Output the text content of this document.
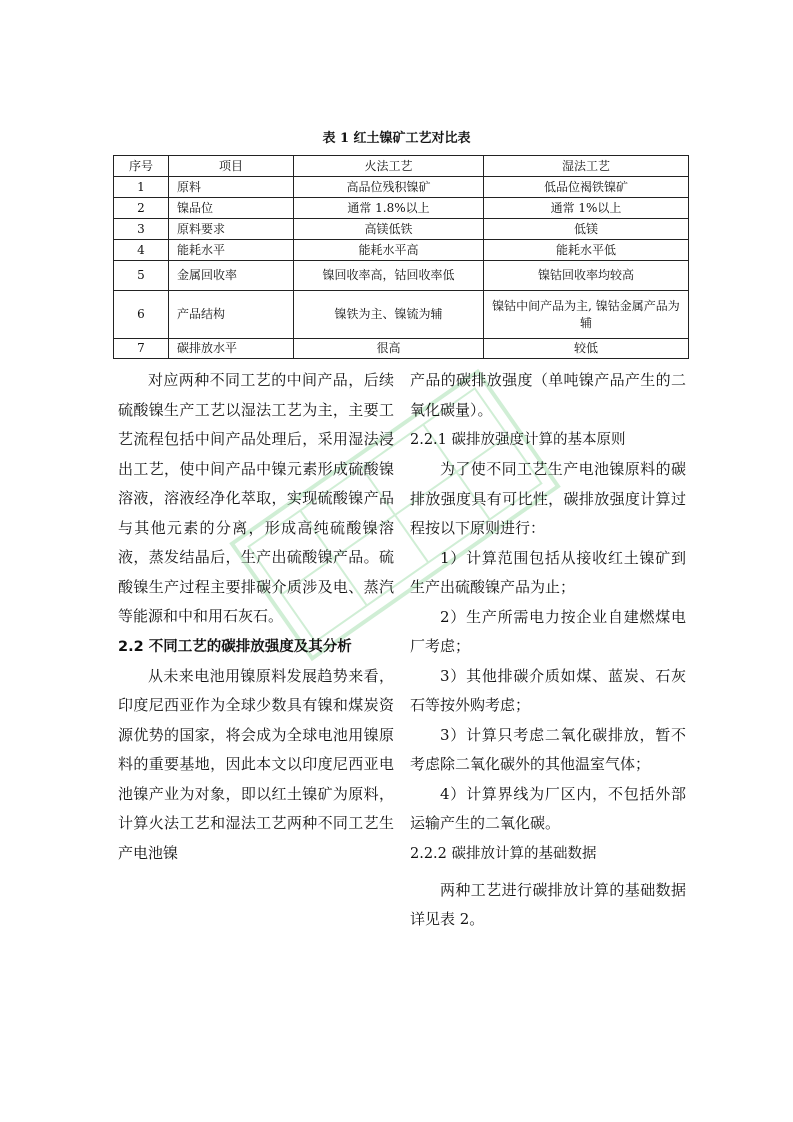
表 1 红土镍矿工艺对比表
序号	项目	火法工艺	湿法工艺
1	原料	高品位残积镍矿	低品位褐铁镍矿
2	镍品位	通常 1.8%以上	通常 1%以上
3	原料要求	高镁低铁	低镁
4	能耗水平	能耗水平高	能耗水平低
5	金属回收率	镍回收率高，钴回收率低	镍钴回收率均较高
6	产品结构	镍铁为主、镍锍为辅	镍钴中间产品为主, 镍钴金属产品为辅
7	碳排放水平	很高	较低

对应两种不同工艺的中间产品，后续硫酸镍生产工艺以湿法工艺为主，主要工艺流程包括中间产品处理后，采用湿法浸出工艺，使中间产品中镍元素形成硫酸镍溶液，溶液经净化萃取，实现硫酸镍产品与其他元素的分离，形成高纯硫酸镍溶液，蒸发结晶后，生产出硫酸镍产品。硫酸镍生产过程主要排碳介质涉及电、蒸汽等能源和中和用石灰石。

2.2 不同工艺的碳排放强度及其分析

从未来电池用镍原料发展趋势来看，印度尼西亚作为全球少数具有镍和煤炭资源优势的国家，将会成为全球电池用镍原料的重要基地，因此本文以印度尼西亚电池镍产业为对象，即以红土镍矿为原料，计算火法工艺和湿法工艺两种不同工艺生产电池镍

产品的碳排放强度（单吨镍产品产生的二氧化碳量）。

2.2.1 碳排放强度计算的基本原则

为了使不同工艺生产电池镍原料的碳排放强度具有可比性，碳排放强度计算过程按以下原则进行：

1）计算范围包括从接收红土镍矿到生产出硫酸镍产品为止；

2）生产所需电力按企业自建燃煤电厂考虑；

3）其他排碳介质如煤、蓝炭、石灰石等按外购考虑；

3）计算只考虑二氧化碳排放，暂不考虑除二氧化碳外的其他温室气体；

4）计算界线为厂区内，不包括外部运输产生的二氧化碳。

2.2.2 碳排放计算的基础数据

两种工艺进行碳排放计算的基础数据详见表 2。
